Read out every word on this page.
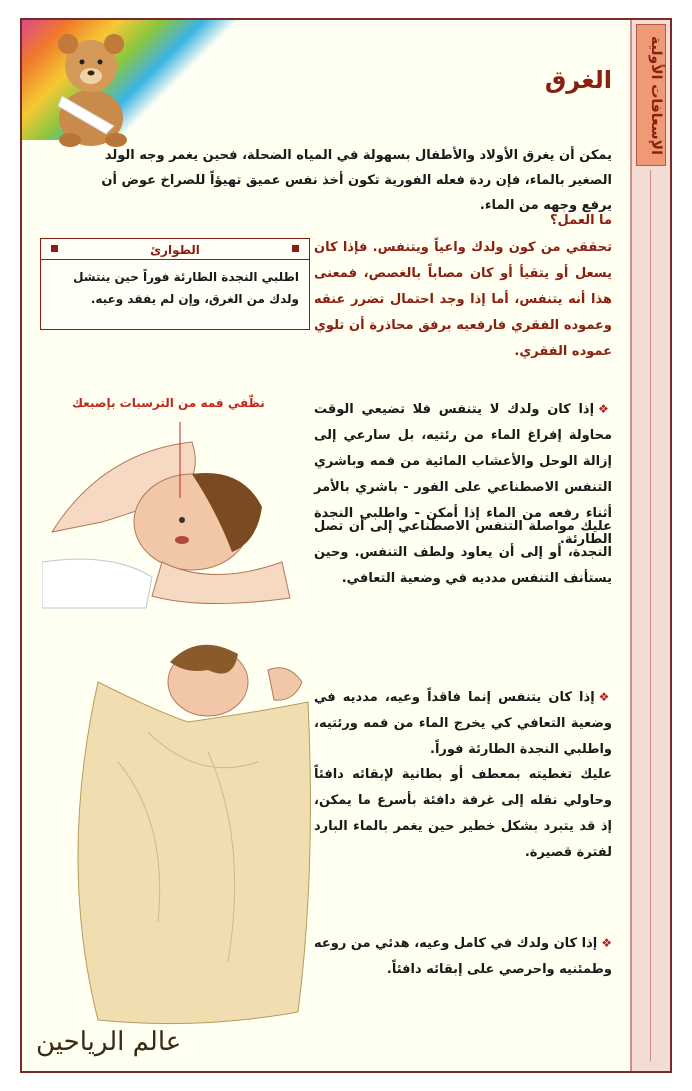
الإسعافات الأولية
الغرق
يمكن أن يغرق الأولاد والأطفال بسهولة في المياه الضحلة، فحين يغمر وجه الولد الصغير بالماء، فإن ردة فعله الفورية تكون أخذ نفس عميق تهيؤاً للصراخ عوض أن يرفع وجهه من الماء.
ما العمل؟
تحققي من كون ولدك واعياً ويتنفس. فإذا كان يسعل أو يتقيأ أو كان مصاباً بالغصص، فمعنى هذا أنه يتنفس، أما إذا وجد احتمال تضرر عنقه وعموده الفقري فارفعيه برفق محاذرة أن تلوي عموده الفقري.
الطوارئ
اطلبي النجدة الطارئة فوراً حين ينتشل ولدك من الغرق، وإن لم يفقد وعيه.
نظّفي فمه من الترسبات بإصبعك	❖إذا كان ولدك لا يتنفس فلا تضيعي الوقت محاولة إفراغ الماء من رئتيه، بل سارعي إلى إزالة الوحل والأعشاب المائية من فمه وباشري التنفس الاصطناعي على الفور - باشري بالأمر أثناء رفعه من الماء إذا أمكن - واطلبي النجدة الطارئة.
عليك مواصلة التنفس الاصطناعي إلى أن تصل النجدة، أو إلى أن يعاود ولطف التنفس. وحين يستأنف التنفس مدديه في وضعية التعافي.
❖إذا كان يتنفس إنما فاقداً وعيه، مدديه في وضعية التعافي كي يخرج الماء من فمه ورئتيه، واطلبي النجدة الطارئة فوراً.
عليك تغطيته بمعطف أو بطانية لإبقائه دافئاً وحاولي نقله إلى غرفة دافئة بأسرع ما يمكن، إذ قد يتبرد بشكل خطير حين يغمر بالماء البارد لفترة قصيرة.
❖إذا كان ولدك في كامل وعيه، هدئي من روعه وطمئنيه واحرصي على إبقائه دافئاً.
عالم الرياحين
